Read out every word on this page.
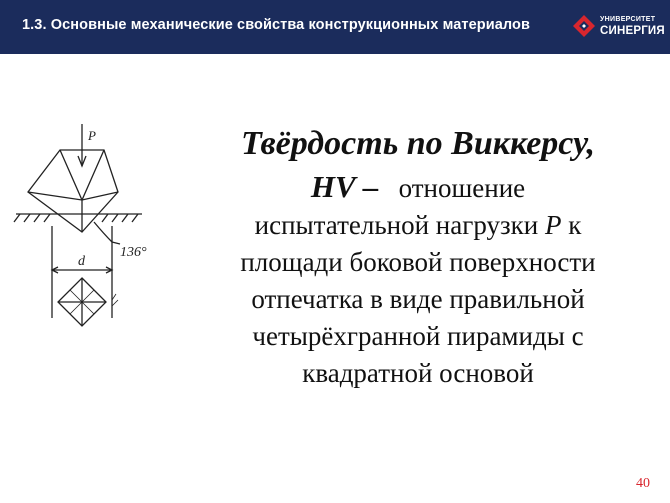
1.3. Основные механические свойства конструкционных материалов	УНИВЕРСИТЕТ
СИНЕРГИЯ
P
136°
d
Твёрдость по Виккерсу,
HV – отношение
испытательной нагрузки P к
площади боковой поверхности
отпечатка в виде правильной
четырёхгранной пирамиды с
квадратной основой
40
